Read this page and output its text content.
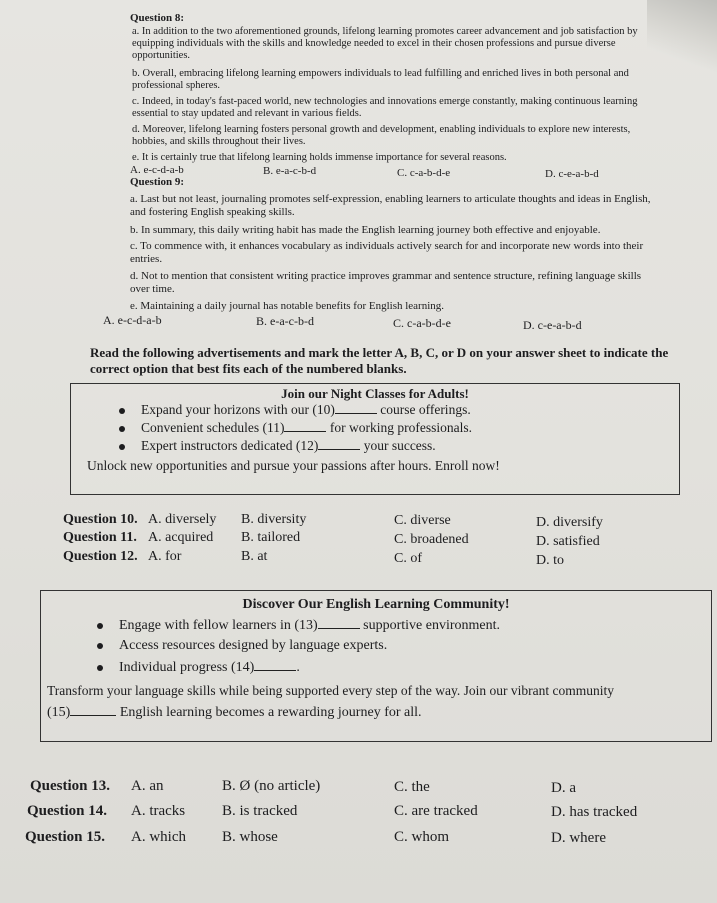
Question 8:
a. In addition to the two aforementioned grounds, lifelong learning promotes career advancement and job satisfaction by equipping individuals with the skills and knowledge needed to excel in their chosen professions and pursue diverse opportunities.
b. Overall, embracing lifelong learning empowers individuals to lead fulfilling and enriched lives in both personal and professional spheres.
c. Indeed, in today's fast-paced world, new technologies and innovations emerge constantly, making continuous learning essential to stay updated and relevant in various fields.
d. Moreover, lifelong learning fosters personal growth and development, enabling individuals to explore new interests, hobbies, and skills throughout their lives.
e. It is certainly true that lifelong learning holds immense importance for several reasons.
A. e-c-d-a-b	B. e-a-c-b-d	C. c-a-b-d-e	D. c-e-a-b-d
Question 9:
a. Last but not least, journaling promotes self-expression, enabling learners to articulate thoughts and ideas in English, and fostering English speaking skills.
b. In summary, this daily writing habit has made the English learning journey both effective and enjoyable.
c. To commence with, it enhances vocabulary as individuals actively search for and incorporate new words into their entries.
d. Not to mention that consistent writing practice improves grammar and sentence structure, refining language skills over time.
e. Maintaining a daily journal has notable benefits for English learning.
A. e-c-d-a-b	B. e-a-c-b-d	C. c-a-b-d-e	D. c-e-a-b-d
Read the following advertisements and mark the letter A, B, C, or D on your answer sheet to indicate the correct option that best fits each of the numbered blanks.
Join our Night Classes for Adults!
Expand your horizons with our (10)	course offerings.
Convenient schedules (11)	for working professionals.
Expert instructors dedicated (12)	your success.
Unlock new opportunities and pursue your passions after hours. Enroll now!
Question 10. A. diversely B. diversity	C. diverse	D. diversify
Question 11. A. acquired B. tailored	C. broadened	D. satisfied
Question 12. A. for	B. at	C. of	D. to
Discover Our English Learning Community!
Engage with fellow learners in (13)	supportive environment.
Access resources designed by language experts.
Individual progress (14)	.
Transform your language skills while being supported every step of the way. Join our vibrant community
(15)	English learning becomes a rewarding journey for all.
Question 13. A. an	B. Ø (no article)	C. the	D. a
Question 14. A. tracks B. is tracked	C. are tracked	D. has tracked
Question 15. A. which B. whose	C. whom	D. where
